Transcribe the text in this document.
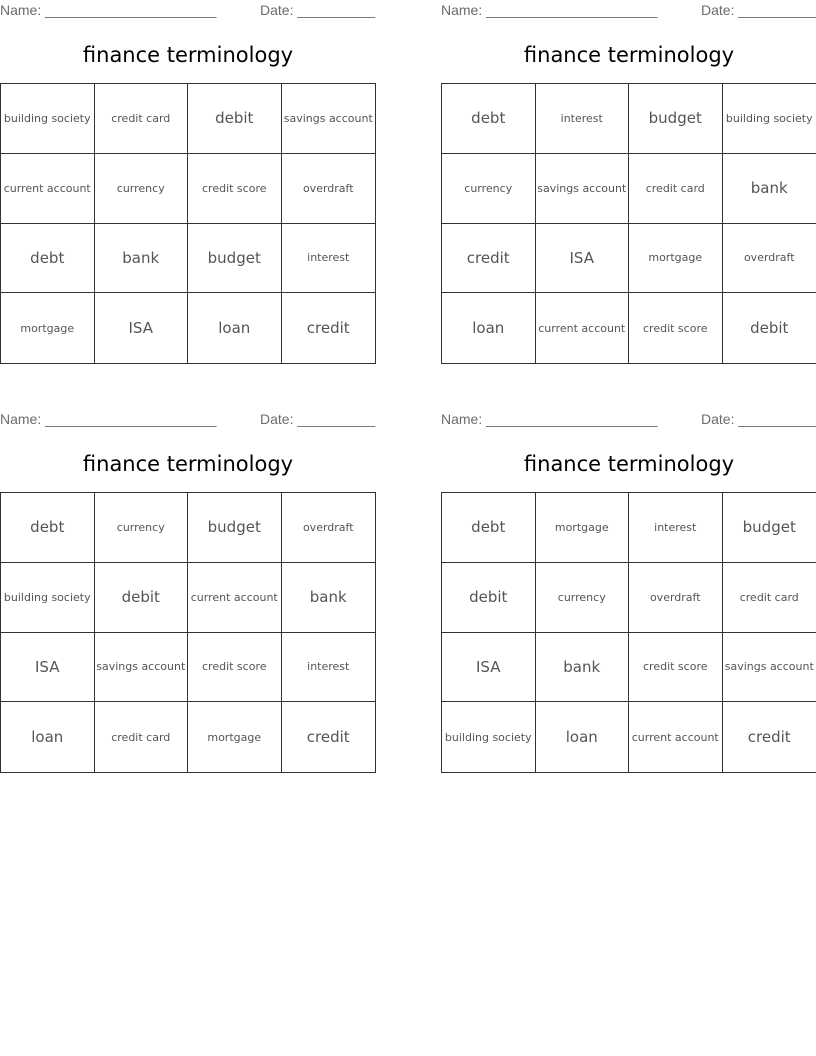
Name: ______________________	Date: __________
finance terminology
building society	credit card	debit	savings account
current account	currency	credit score	overdraft
debt	bank	budget	interest
mortgage	ISA	loan	credit
Name: ______________________	Date: __________
finance terminology
debt	interest	budget	building society
currency	savings account	credit card	bank
credit	ISA	mortgage	overdraft
loan	current account	credit score	debit
Name: ______________________	Date: __________
finance terminology
debt	currency	budget	overdraft
building society	debit	current account	bank
ISA	savings account	credit score	interest
loan	credit card	mortgage	credit
Name: ______________________	Date: __________
finance terminology
debt	mortgage	interest	budget
debit	currency	overdraft	credit card
ISA	bank	credit score	savings account
building society	loan	current account	credit
